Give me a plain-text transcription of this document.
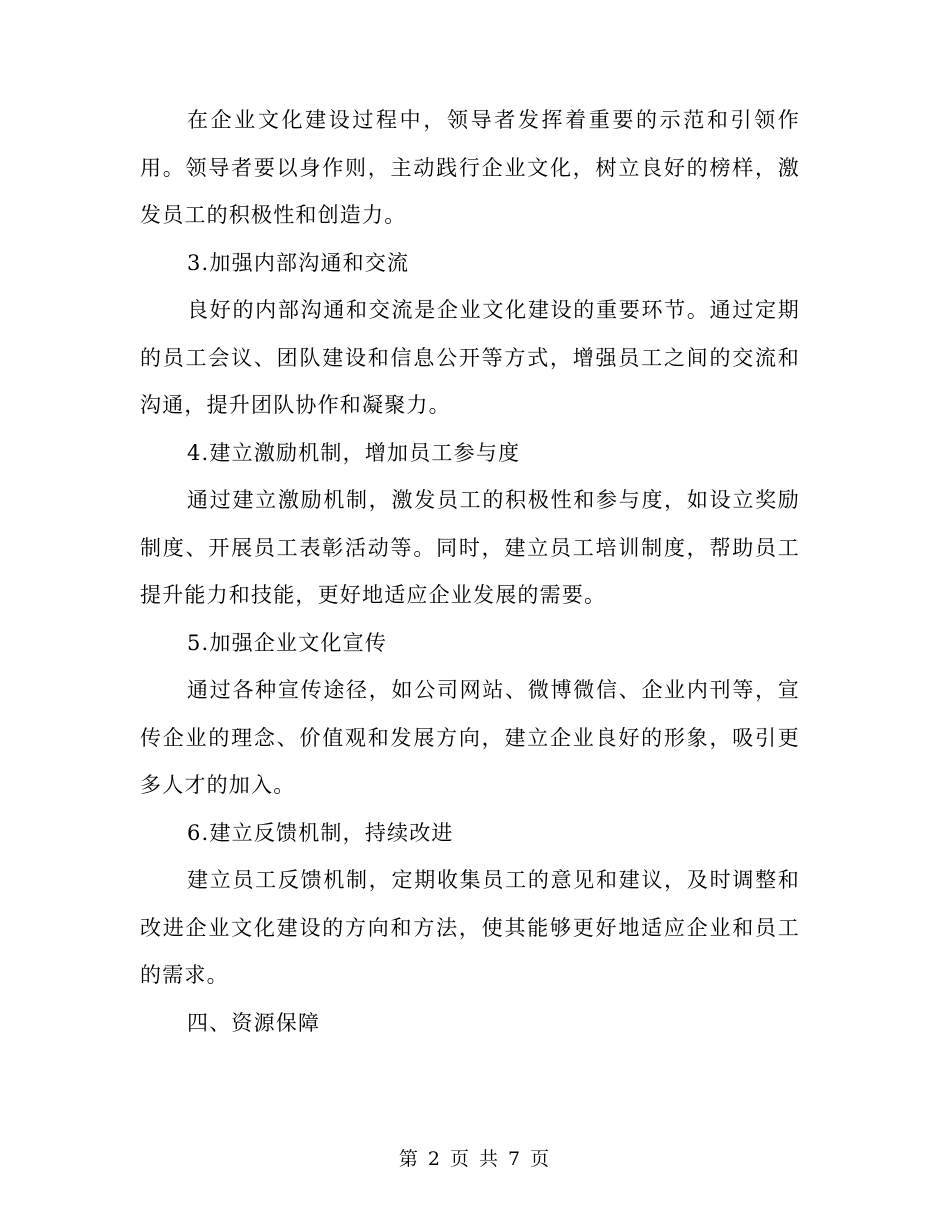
在企业文化建设过程中，领导者发挥着重要的示范和引领作用。领导者要以身作则，主动践行企业文化，树立良好的榜样，激发员工的积极性和创造力。

3.加强内部沟通和交流

良好的内部沟通和交流是企业文化建设的重要环节。通过定期的员工会议、团队建设和信息公开等方式，增强员工之间的交流和沟通，提升团队协作和凝聚力。

4.建立激励机制，增加员工参与度

通过建立激励机制，激发员工的积极性和参与度，如设立奖励制度、开展员工表彰活动等。同时，建立员工培训制度，帮助员工提升能力和技能，更好地适应企业发展的需要。

5.加强企业文化宣传

通过各种宣传途径，如公司网站、微博微信、企业内刊等，宣传企业的理念、价值观和发展方向，建立企业良好的形象，吸引更多人才的加入。

6.建立反馈机制，持续改进

建立员工反馈机制，定期收集员工的意见和建议，及时调整和改进企业文化建设的方向和方法，使其能够更好地适应企业和员工的需求。

四、资源保障

第 2 页 共 7 页
